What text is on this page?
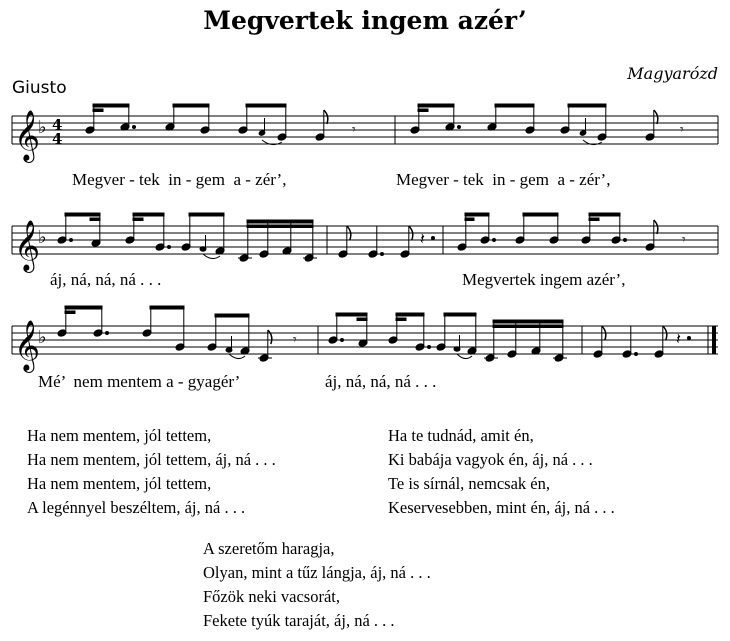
Megvertek ingem azér’
Giusto
Magyarózd
𝄞
𝄞
𝄞
♭
♭
♭
4
4	𝄾	𝄾
𝄽	𝄾
𝄾	𝄽
Megver - tek  in - gem  a - zér’,	Megver - tek  in - gem  a - zér’,
áj, ná, ná, ná . . .	Megvertek ingem azér’,
Mé’  nem mentem a - gyagér’	áj, ná, ná, ná . . .
Ha nem mentem, jól tettem,
Ha nem mentem, jól tettem, áj, ná . . .
Ha nem mentem, jól tettem,
A legénnyel beszéltem, áj, ná . . .
Ha te tudnád, amit én,
Ki babája vagyok én, áj, ná . . .
Te is sírnál, nemcsak én,
Keservesebben, mint én, áj, ná . . .
A szeretőm haragja,
Olyan, mint a tűz lángja, áj, ná . . .
Főzök neki vacsorát,
Fekete tyúk taraját, áj, ná . . .
